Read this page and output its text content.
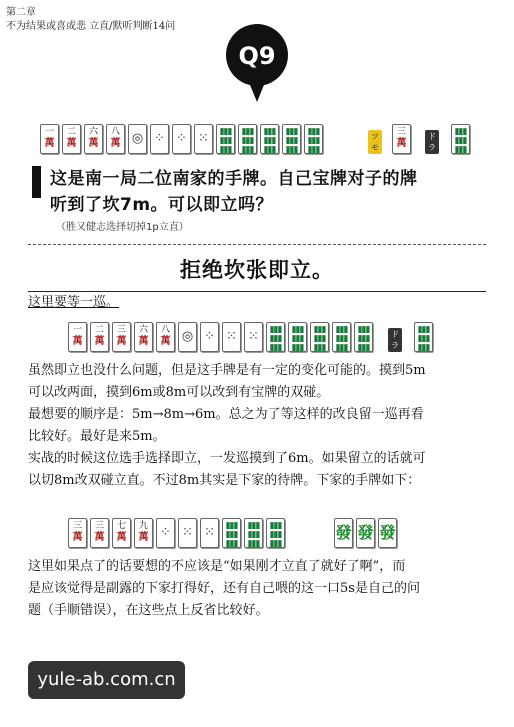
第二章
不为结果或喜或悲 立直/默听判断14问
Q9
一
萬
二
萬
六
萬
八
萬 ◎ ⁘ ⁘ ⁙	▮▮▮
▮▮▮
▮▮▮
▮▮▮
▮▮▮
▮▮▮
▮▮▮
▮▮▮
▮▮▮
▮▮▮
▮▮▮
▮▮▮
▮▮▮
▮▮▮
▮▮▮
ツモ
三
萬
ドラ
▮▮▮
▮▮▮
▮▮▮
这是南一局二位南家的手牌。自己宝牌对子的牌
听到了坎7m。可以即立吗？
（胜又健志选择切掉1p立直）
拒绝坎张即立。
这里要等一巡。
一
萬
二
萬
三
萬
六
萬
八
萬 ◎ ⁘ ⁙ ⁙	▮▮▮
▮▮▮
▮▮▮
▮▮▮
▮▮▮
▮▮▮
▮▮▮
▮▮▮
▮▮▮
▮▮▮
▮▮▮
▮▮▮
▮▮▮
▮▮▮
▮▮▮
ドラ
▮▮▮
▮▮▮
▮▮▮
虽然即立也没什么问题，但是这手牌是有一定的变化可能的。摸到5m
可以改两面，摸到6m或8m可以改到有宝牌的双碰。
最想要的顺序是：5m→8m→6m。总之为了等这样的改良留一巡再看
比较好。最好是来5m。
实战的时候这位选手选择即立，一发巡摸到了6m。如果留立的话就可
以切8m改双碰立直。不过8m其实是下家的待牌。下家的手牌如下：
三
萬
三
萬
七
萬
九
萬 ⁘ ⁙ ⁙	▮▮▮
▮▮▮
▮▮▮
▮▮▮
▮▮▮
▮▮▮
▮▮▮
▮▮▮
▮▮▮
發 發 發
这里如果点了的话要想的不应该是“如果刚才立直了就好了啊”，而
是应该觉得是副露的下家打得好，还有自己喂的这一口5s是自己的问
题（手顺错误），在这些点上反省比较好。
yule-ab.com.cn
